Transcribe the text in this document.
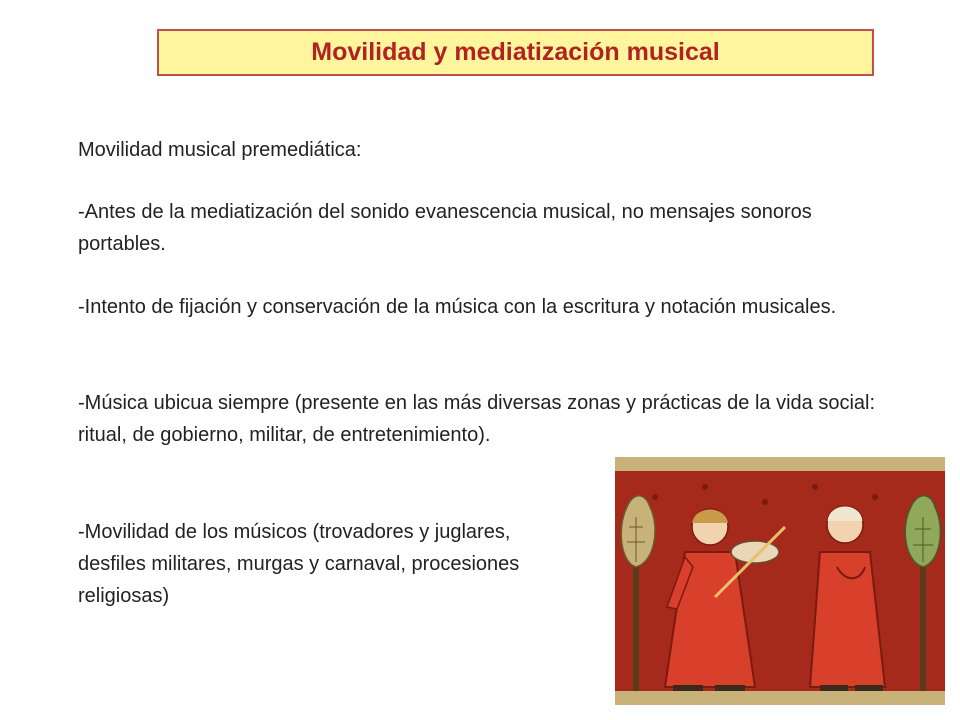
Movilidad y mediatización musical

Movilidad musical premediática:

-Antes de la mediatización del sonido evanescencia musical, no mensajes sonoros portables.

-Intento de fijación y conservación de la música con la escritura y notación musicales.

-Música ubicua siempre (presente en las más diversas zonas y prácticas de la vida social: ritual, de gobierno, militar, de entretenimiento).

-Movilidad de los músicos (trovadores y juglares, desfiles militares, murgas y carnaval, procesiones religiosas)
